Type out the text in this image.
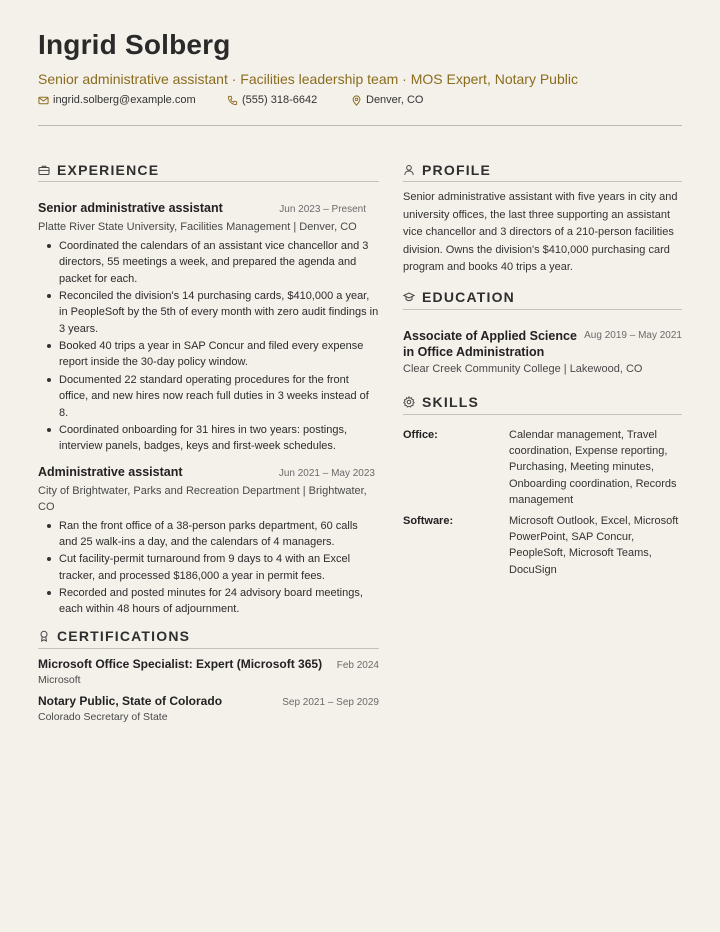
Ingrid Solberg
Senior administrative assistant · Facilities leadership team · MOS Expert, Notary Public
ingrid.solberg@example.com	(555) 318-6642	Denver, CO
EXPERIENCE
Senior administrative assistant	Jun 2023 – Present
Platte River State University, Facilities Management | Denver, CO
Coordinated the calendars of an assistant vice chancellor and 3 directors, 55 meetings a week, and prepared the agenda and packet for each.
Reconciled the division's 14 purchasing cards, $410,000 a year, in PeopleSoft by the 5th of every month with zero audit findings in 3 years.
Booked 40 trips a year in SAP Concur and filed every expense report inside the 30-day policy window.
Documented 22 standard operating procedures for the front office, and new hires now reach full duties in 3 weeks instead of 8.
Coordinated onboarding for 31 hires in two years: postings, interview panels, badges, keys and first-week schedules.
Administrative assistant	Jun 2021 – May 2023
City of Brightwater, Parks and Recreation Department | Brightwater, CO
Ran the front office of a 38-person parks department, 60 calls and 25 walk-ins a day, and the calendars of 4 managers.
Cut facility-permit turnaround from 9 days to 4 with an Excel tracker, and processed $186,000 a year in permit fees.
Recorded and posted minutes for 24 advisory board meetings, each within 48 hours of adjournment.
CERTIFICATIONS
Microsoft Office Specialist: Expert (Microsoft 365) Feb 2024
Microsoft
Notary Public, State of Colorado	Sep 2021 – Sep 2029
Colorado Secretary of State
PROFILE
Senior administrative assistant with five years in city and university offices, the last three supporting an assistant vice chancellor and 3 directors of a 210-person facilities division. Owns the division's $410,000 purchasing card program and books 40 trips a year.
EDUCATION
Associate of Applied Science in Office Administration
Aug 2019 – May 2021
Clear Creek Community College | Lakewood, CO
SKILLS
Office:	Calendar management, Travel coordination, Expense reporting, Purchasing, Meeting minutes, Onboarding coordination, Records management
Software:	Microsoft Outlook, Excel, Microsoft PowerPoint, SAP Concur, PeopleSoft, Microsoft Teams, DocuSign
